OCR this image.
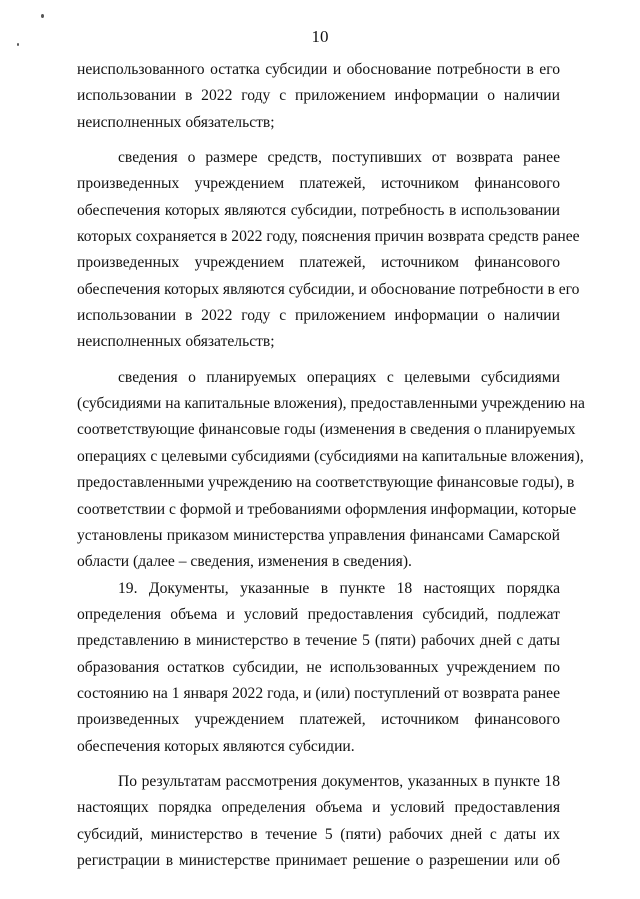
10
неиспользованного остатка субсидии и обоснование потребности в его
использовании в 2022 году с приложением информации о наличии
неисполненных обязательств;
сведения о размере средств, поступивших от возврата ранее
произведенных учреждением платежей, источником финансового
обеспечения которых являются субсидии, потребность в использовании
которых сохраняется в 2022 году, пояснения причин возврата средств ранее
произведенных учреждением платежей, источником финансового
обеспечения которых являются субсидии, и обоснование потребности в его
использовании в 2022 году с приложением информации о наличии
неисполненных обязательств;
сведения о планируемых операциях с целевыми субсидиями
(субсидиями на капитальные вложения), предоставленными учреждению на
соответствующие финансовые годы (изменения в сведения о планируемых
операциях с целевыми субсидиями (субсидиями на капитальные вложения),
предоставленными учреждению на соответствующие финансовые годы), в
соответствии с формой и требованиями оформления информации, которые
установлены приказом министерства управления финансами Самарской
области (далее – сведения, изменения в сведения).
19. Документы, указанные в пункте 18 настоящих порядка
определения объема и условий предоставления субсидий, подлежат
представлению в министерство в течение 5 (пяти) рабочих дней с даты
образования остатков субсидии, не использованных учреждением по
состоянию на 1 января 2022 года, и (или) поступлений от возврата ранее
произведенных учреждением платежей, источником финансового
обеспечения которых являются субсидии.
По результатам рассмотрения документов, указанных в пункте 18
настоящих порядка определения объема и условий предоставления
субсидий, министерство в течение 5 (пяти) рабочих дней с даты их
регистрации в министерстве принимает решение о разрешении или об
